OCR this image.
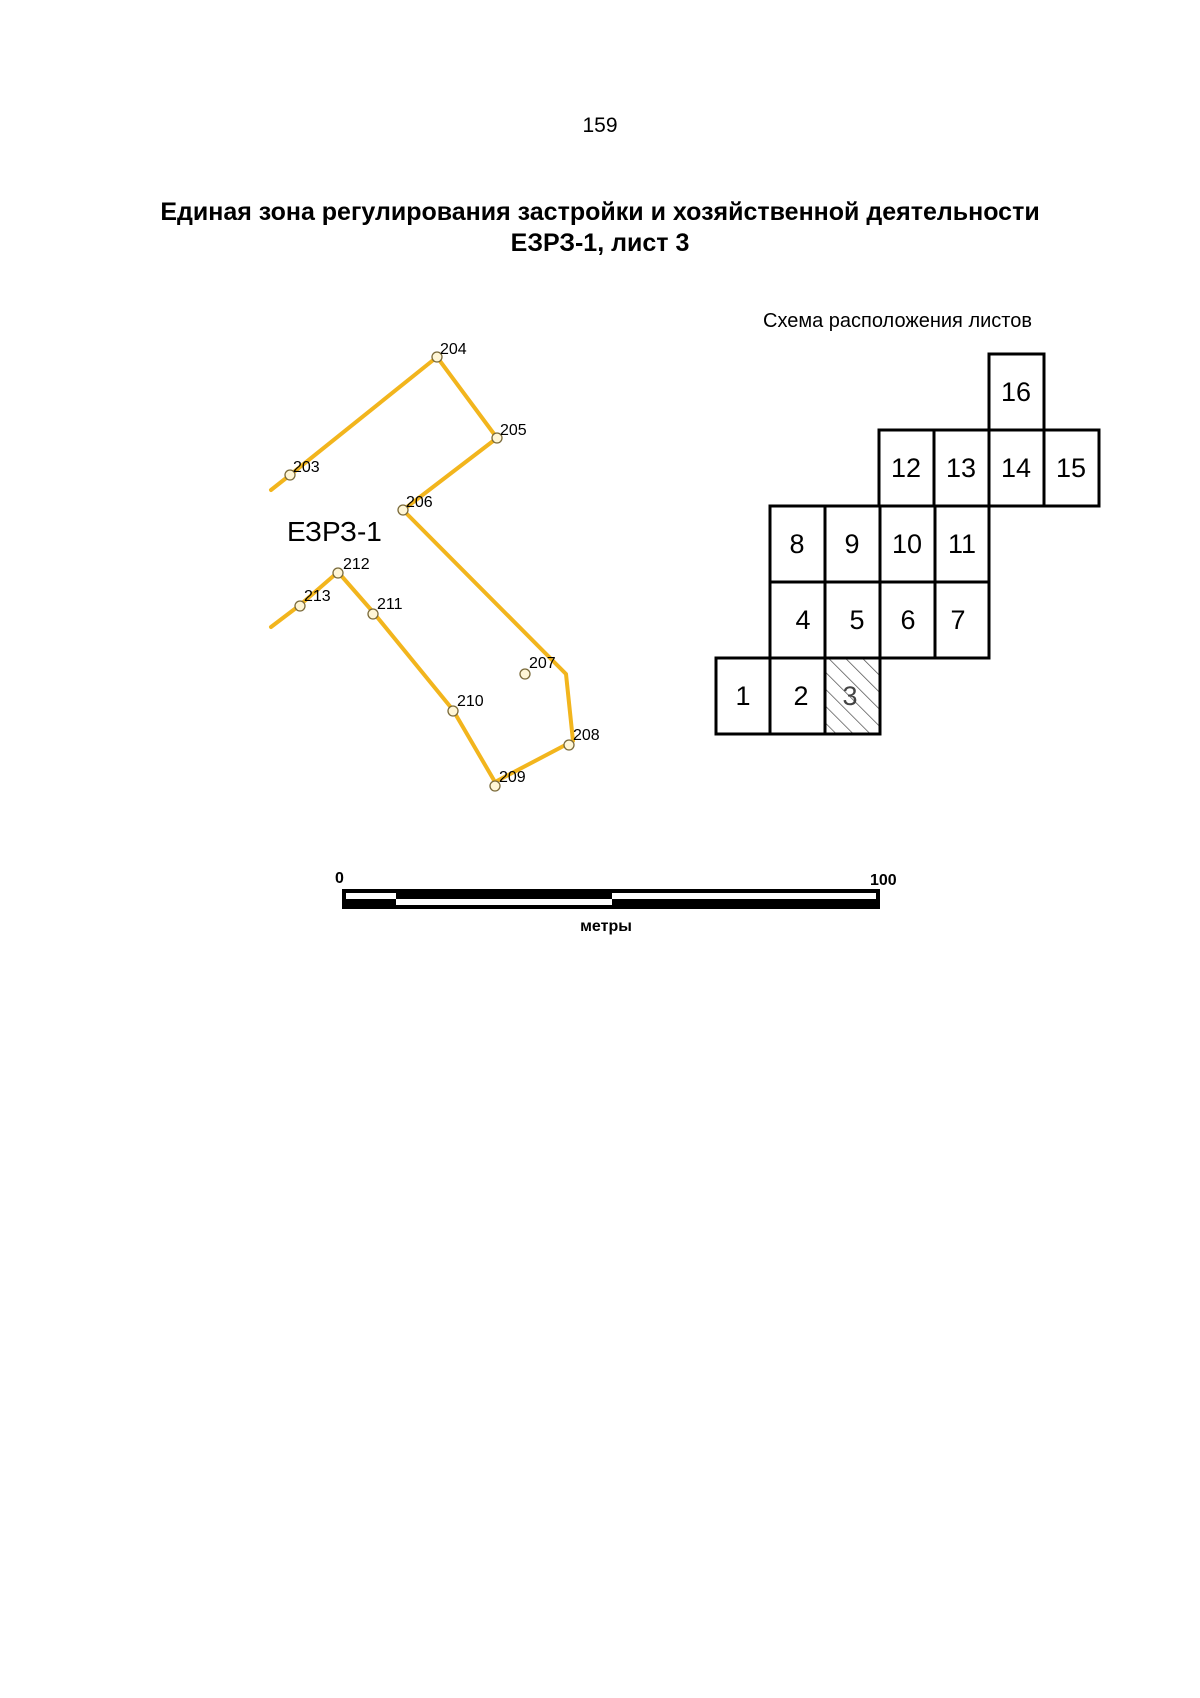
159
Единая зона регулирования застройки и хозяйственной деятельности
ЕЗРЗ-1, лист 3
Схема расположения листов
203
204
205
206
207
208
209
210
211
212
213
ЕЗРЗ-1
16
12 13 14 15
8 9 10 11
4 5 6 7
1 2 3
0	100
метры
